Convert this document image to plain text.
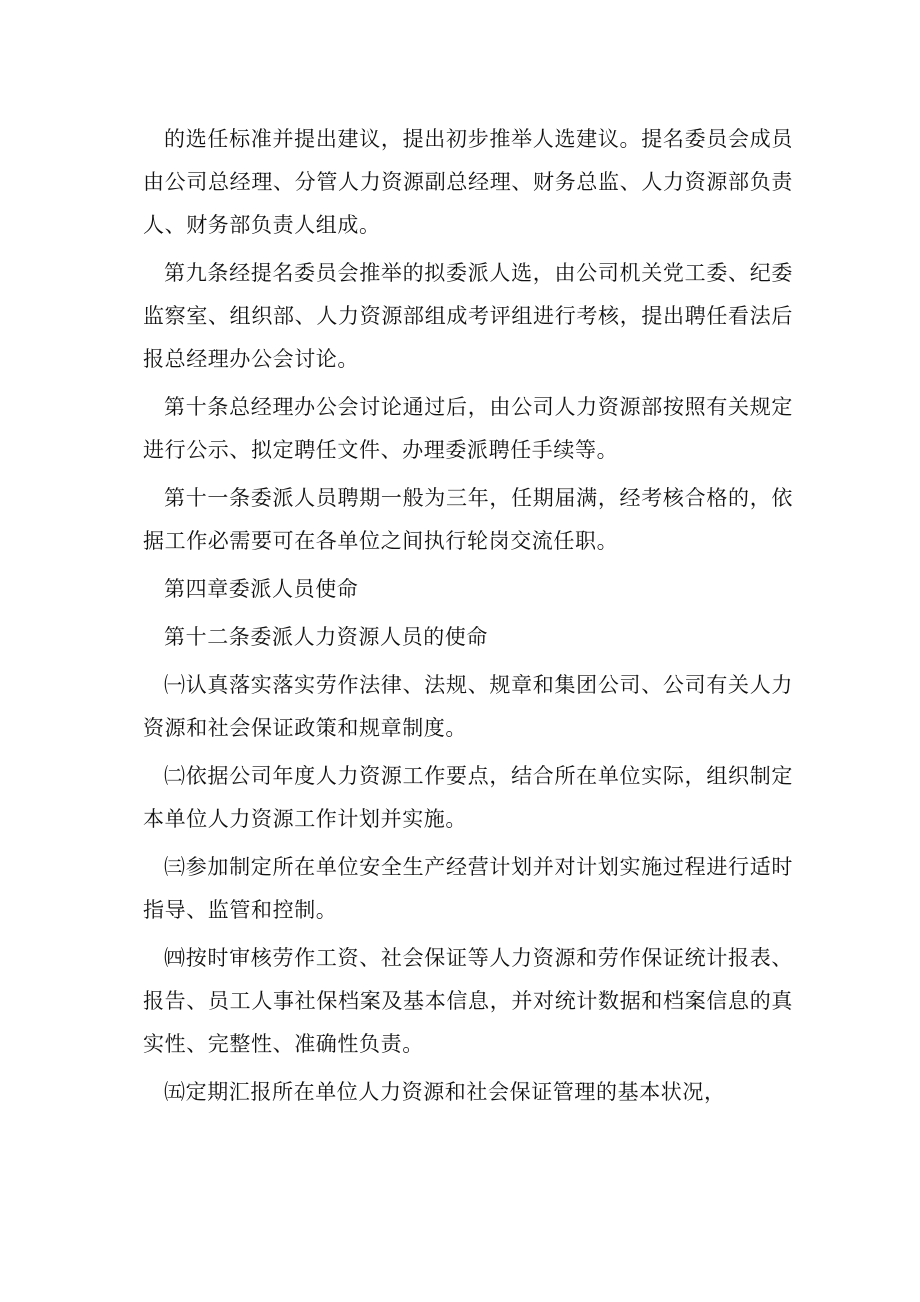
的选任标准并提出建议，提出初步推举人选建议。提名委员会成员由公司总经理、分管人力资源副总经理、财务总监、人力资源部负责人、财务部负责人组成。

第九条经提名委员会推举的拟委派人选，由公司机关党工委、纪委监察室、组织部、人力资源部组成考评组进行考核，提出聘任看法后报总经理办公会讨论。

第十条总经理办公会讨论通过后，由公司人力资源部按照有关规定进行公示、拟定聘任文件、办理委派聘任手续等。

第十一条委派人员聘期一般为三年，任期届满，经考核合格的，依据工作必需要可在各单位之间执行轮岗交流任职。

第四章委派人员使命

第十二条委派人力资源人员的使命

㈠认真落实落实劳作法律、法规、规章和集团公司、公司有关人力资源和社会保证政策和规章制度。

㈡依据公司年度人力资源工作要点，结合所在单位实际，组织制定本单位人力资源工作计划并实施。

㈢参加制定所在单位安全生产经营计划并对计划实施过程进行适时指导、监管和控制。

㈣按时审核劳作工资、社会保证等人力资源和劳作保证统计报表、报告、员工人事社保档案及基本信息，并对统计数据和档案信息的真实性、完整性、准确性负责。

㈤定期汇报所在单位人力资源和社会保证管理的基本状况，
